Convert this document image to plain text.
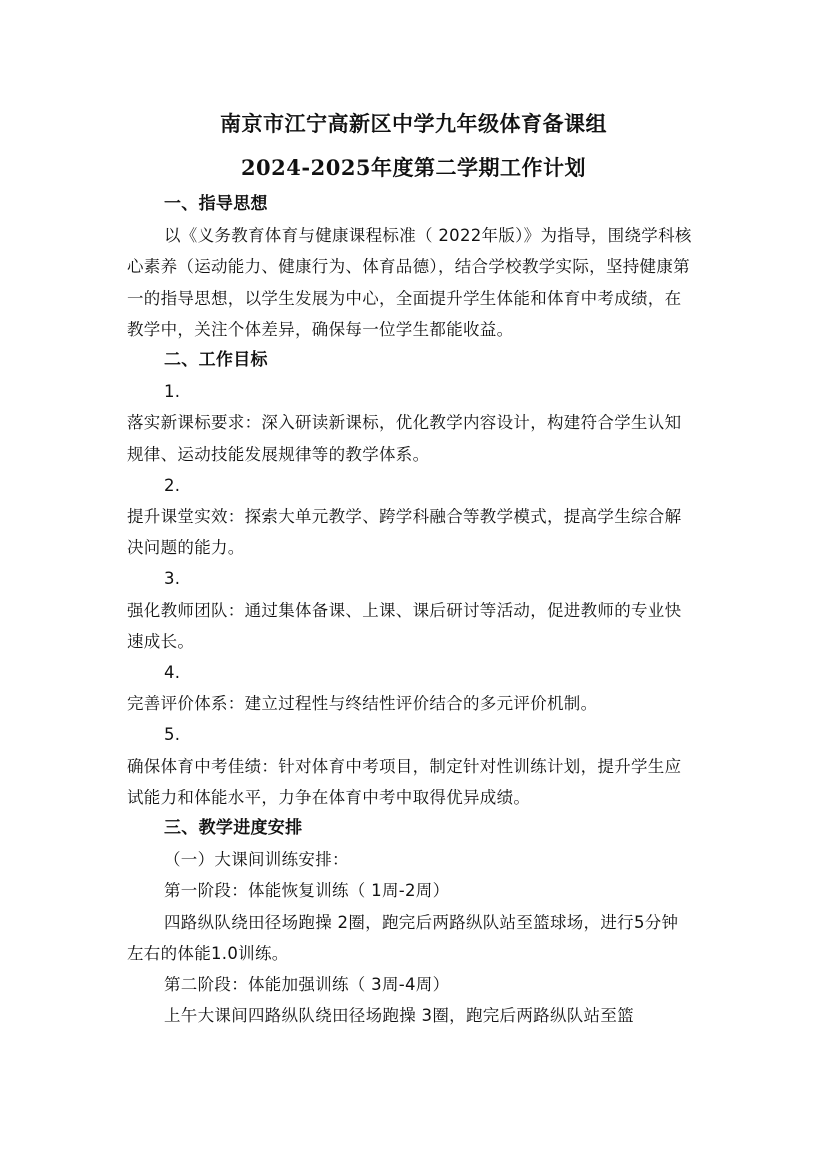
南京市江宁高新区中学九年级体育备课组
2024-2025年度第二学期工作计划

一、指导思想

以《义务教育体育与健康课程标准（ 2022年版）》为指导，围绕学科核心素养（运动能力、健康行为、体育品德），结合学校教学实际，坚持健康第一的指导思想，以学生发展为中心，全面提升学生体能和体育中考成绩，在教学中，关注个体差异，确保每一位学生都能收益。

二、工作目标

1.

落实新课标要求：深入研读新课标，优化教学内容设计，构建符合学生认知规律、运动技能发展规律等的教学体系。

2.

提升课堂实效：探索大单元教学、跨学科融合等教学模式，提高学生综合解决问题的能力。

3.

强化教师团队：通过集体备课、上课、课后研讨等活动，促进教师的专业快速成长。

4.

完善评价体系：建立过程性与终结性评价结合的多元评价机制。

5.

确保体育中考佳绩：针对体育中考项目，制定针对性训练计划，提升学生应试能力和体能水平，力争在体育中考中取得优异成绩。

三、教学进度安排

（一）大课间训练安排：

第一阶段：体能恢复训练（ 1周-2周）

四路纵队绕田径场跑操 2圈，跑完后两路纵队站至篮球场，进行5分钟左右的体能1.0训练。

第二阶段：体能加强训练（ 3周-4周）

上午大课间四路纵队绕田径场跑操 3圈，跑完后两路纵队站至篮
